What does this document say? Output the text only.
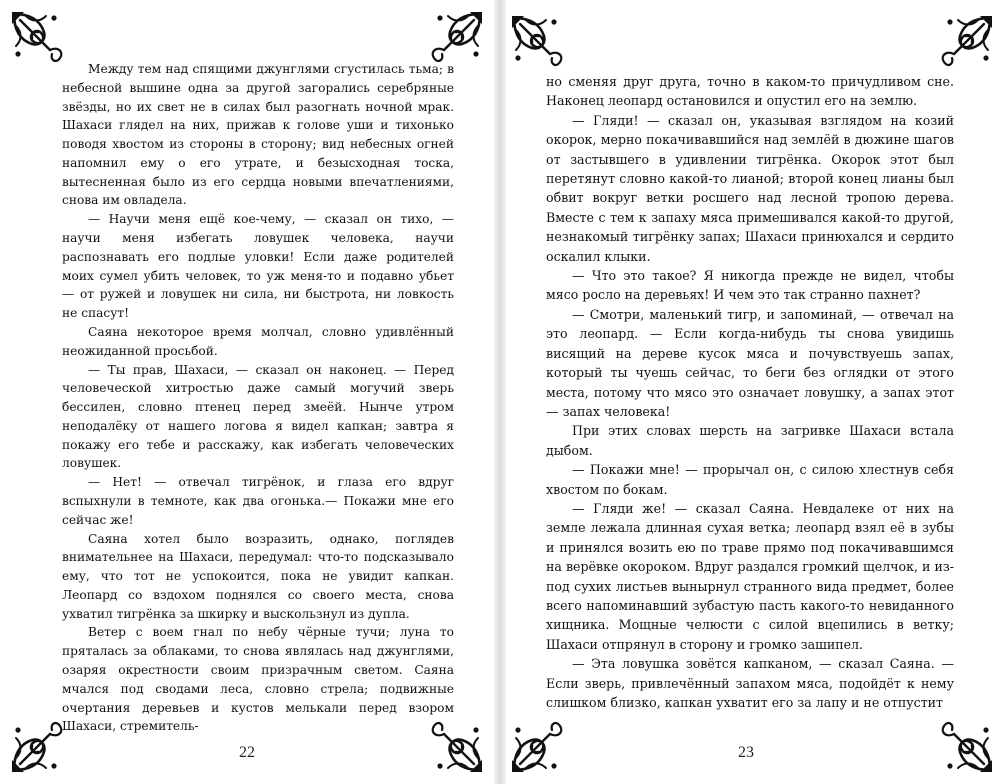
Между тем над спящими джунглями сгустилась тьма; в небесной вышине одна за другой загорались серебряные звёзды, но их свет не в силах был разогнать ночной мрак. Шахаси глядел на них, прижав к голове уши и тихонько поводя хвостом из стороны в сторону; вид небесных огней напомнил ему о его утрате, и безысходная тоска, вытесненная было из его сердца новыми впечатлениями, снова им овладела.

— Научи меня ещё кое-чему, — сказал он тихо, — научи меня избегать ловушек человека, научи распознавать его подлые уловки! Если даже родителей моих сумел убить человек, то уж меня-то и подавно убьет — от ружей и ловушек ни сила, ни быстрота, ни ловкость не спасут!

Саяна некоторое время молчал, словно удивлённый неожиданной просьбой.

— Ты прав, Шахаси, — сказал он наконец. — Перед человеческой хитростью даже самый могучий зверь бессилен, словно птенец перед змеёй. Нынче утром неподалёку от нашего логова я видел капкан; завтра я покажу его тебе и расскажу, как избегать человеческих ловушек.

— Нет! — отвечал тигрёнок, и глаза его вдруг вспыхнули в темноте, как два огонька.— Покажи мне его сейчас же!

Саяна хотел было возразить, однако, поглядев внимательнее на Шахаси, передумал: что-то подсказывало ему, что тот не успокоится, пока не увидит капкан. Леопард со вздохом поднялся со своего места, снова ухватил тигрёнка за шкирку и выскользнул из дупла.

Ветер с воем гнал по небу чёрные тучи; луна то пряталась за облаками, то снова являлась над джунглями, озаряя окрестности своим призрачным светом. Саяна мчался под сводами леса, словно стрела; подвижные очертания деревьев и кустов мелькали перед взором Шахаси, стремитель-

22

но сменяя друг друга, точно в каком-то причудливом сне. Наконец леопард остановился и опустил его на землю.

— Гляди! — сказал он, указывая взглядом на козий окорок, мерно покачивавшийся над землёй в дюжине шагов от застывшего в удивлении тигрёнка. Окорок этот был перетянут словно какой-то лианой; второй конец лианы был обвит вокруг ветки росшего над лесной тропою дерева. Вместе с тем к запаху мяса примешивался какой-то другой, незнакомый тигрёнку запах; Шахаси принюхался и сердито оскалил клыки.

— Что это такое? Я никогда прежде не видел, чтобы мясо росло на деревьях! И чем это так странно пахнет?

— Смотри, маленький тигр, и запоминай, — отвечал на это леопард. — Если когда-нибудь ты снова увидишь висящий на дереве кусок мяса и почувствуешь запах, который ты чуешь сейчас, то беги без оглядки от этого места, потому что мясо это означает ловушку, а запах этот — запах человека!

При этих словах шерсть на загривке Шахаси встала дыбом.

— Покажи мне! — прорычал он, с силою хлестнув себя хвостом по бокам.

— Гляди же! — сказал Саяна. Невдалеке от них на земле лежала длинная сухая ветка; леопард взял её в зубы и принялся возить ею по траве прямо под покачивавшимся на верёвке окороком. Вдруг раздался громкий щелчок, и из-под сухих листьев вынырнул странного вида предмет, более всего напоминавший зубастую пасть какого-то невиданного хищника. Мощные челюсти с силой вцепились в ветку; Шахаси отпрянул в сторону и громко зашипел.

— Эта ловушка зовётся капканом, — сказал Саяна. — Если зверь, привлечённый запахом мяса, подойдёт к нему слишком близко, капкан ухватит его за лапу и не отпустит

23
